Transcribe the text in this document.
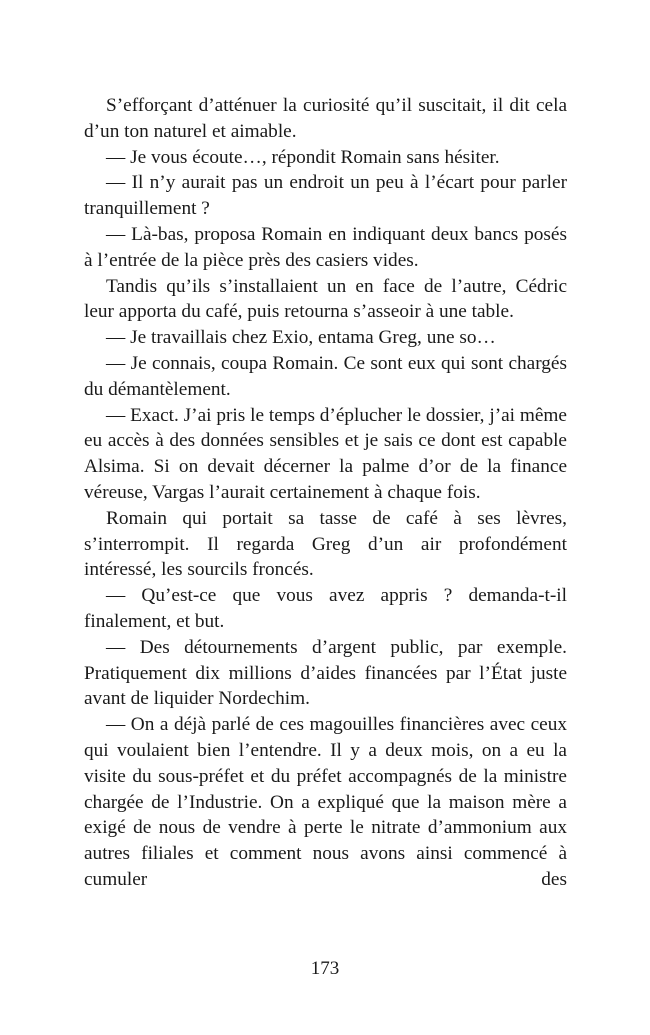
S’efforçant d’atténuer la curiosité qu’il suscitait, il dit cela d’un ton naturel et aimable.

— Je vous écoute…, répondit Romain sans hésiter.

— Il n’y aurait pas un endroit un peu à l’écart pour parler tranquillement ?

— Là-bas, proposa Romain en indiquant deux bancs posés à l’entrée de la pièce près des casiers vides.

Tandis qu’ils s’installaient un en face de l’autre, Cédric leur apporta du café, puis retourna s’asseoir à une table.

— Je travaillais chez Exio, entama Greg, une so…

— Je connais, coupa Romain. Ce sont eux qui sont chargés du démantèlement.

— Exact. J’ai pris le temps d’éplucher le dossier, j’ai même eu accès à des données sensibles et je sais ce dont est capable Alsima. Si on devait décerner la palme d’or de la finance véreuse, Vargas l’aurait certainement à chaque fois.

Romain qui portait sa tasse de café à ses lèvres, s’interrompit. Il regarda Greg d’un air profondément intéressé, les sourcils froncés.

— Qu’est-ce que vous avez appris ? demanda-t-il finalement, et but.

— Des détournements d’argent public, par exemple. Pratiquement dix millions d’aides financées par l’État juste avant de liquider Nordechim.

— On a déjà parlé de ces magouilles financières avec ceux qui voulaient bien l’entendre. Il y a deux mois, on a eu la visite du sous-préfet et du préfet accompagnés de la ministre chargée de l’Industrie. On a expliqué que la maison mère a exigé de nous de vendre à perte le nitrate d’ammonium aux autres filiales et comment nous avons ainsi commencé à cumuler des

173
